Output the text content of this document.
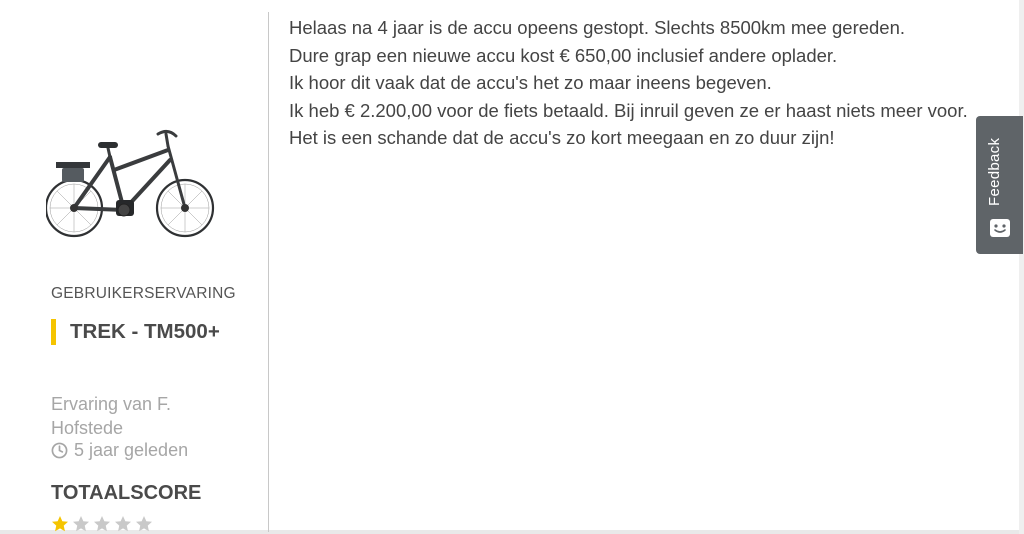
GEBRUIKERSERVARING
TREK - TM500+
Ervaring van F. Hofstede
5 jaar geleden
TOTAALSCORE
Helaas na 4 jaar is de accu opeens gestopt. Slechts 8500km mee gereden.
Dure grap een nieuwe accu kost € 650,00 inclusief andere oplader.
Ik hoor dit vaak dat de accu's het zo maar ineens begeven.
Ik heb € 2.200,00 voor de fiets betaald. Bij inruil geven ze er haast niets meer voor.
Het is een schande dat de accu's zo kort meegaan en zo duur zijn!
Feedback
